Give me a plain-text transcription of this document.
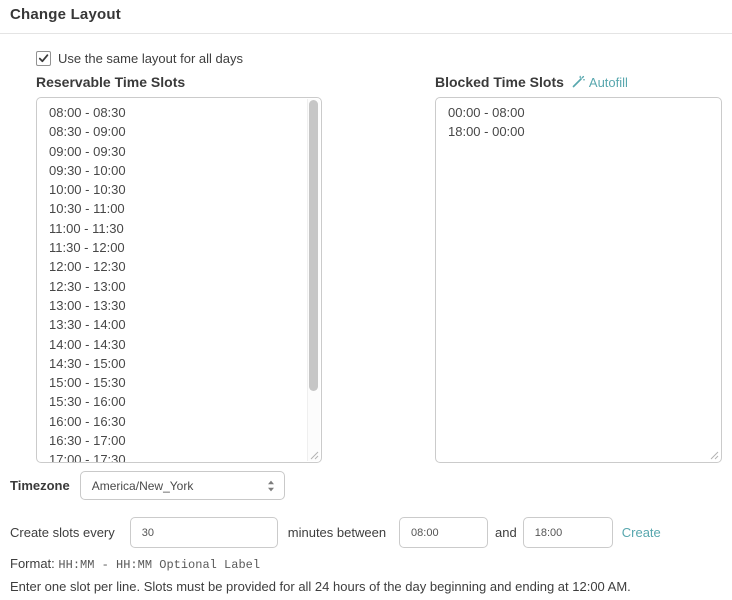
Change Layout
Use the same layout for all days
Reservable Time Slots	Blocked Time Slots Autofill
08:00 - 08:30 08:30 - 09:00 09:00 - 09:30 09:30 - 10:00 10:00 - 10:30 10:30 - 11:00 11:00 - 11:30 11:30 - 12:00 12:00 - 12:30 12:30 - 13:00 13:00 - 13:30 13:30 - 14:00 14:00 - 14:30 14:30 - 15:00 15:00 - 15:30 15:30 - 16:00 16:00 - 16:30 16:30 - 17:00 17:00 - 17:30 17:30 - 18:00
00:00 - 08:00 18:00 - 00:00
Timezone America/New_York
Create slots every
30	minutes between
08:00	and
18:00	Create
Format: HH:MM - HH:MM Optional Label
Enter one slot per line. Slots must be provided for all 24 hours of the day beginning and ending at 12:00 AM.
